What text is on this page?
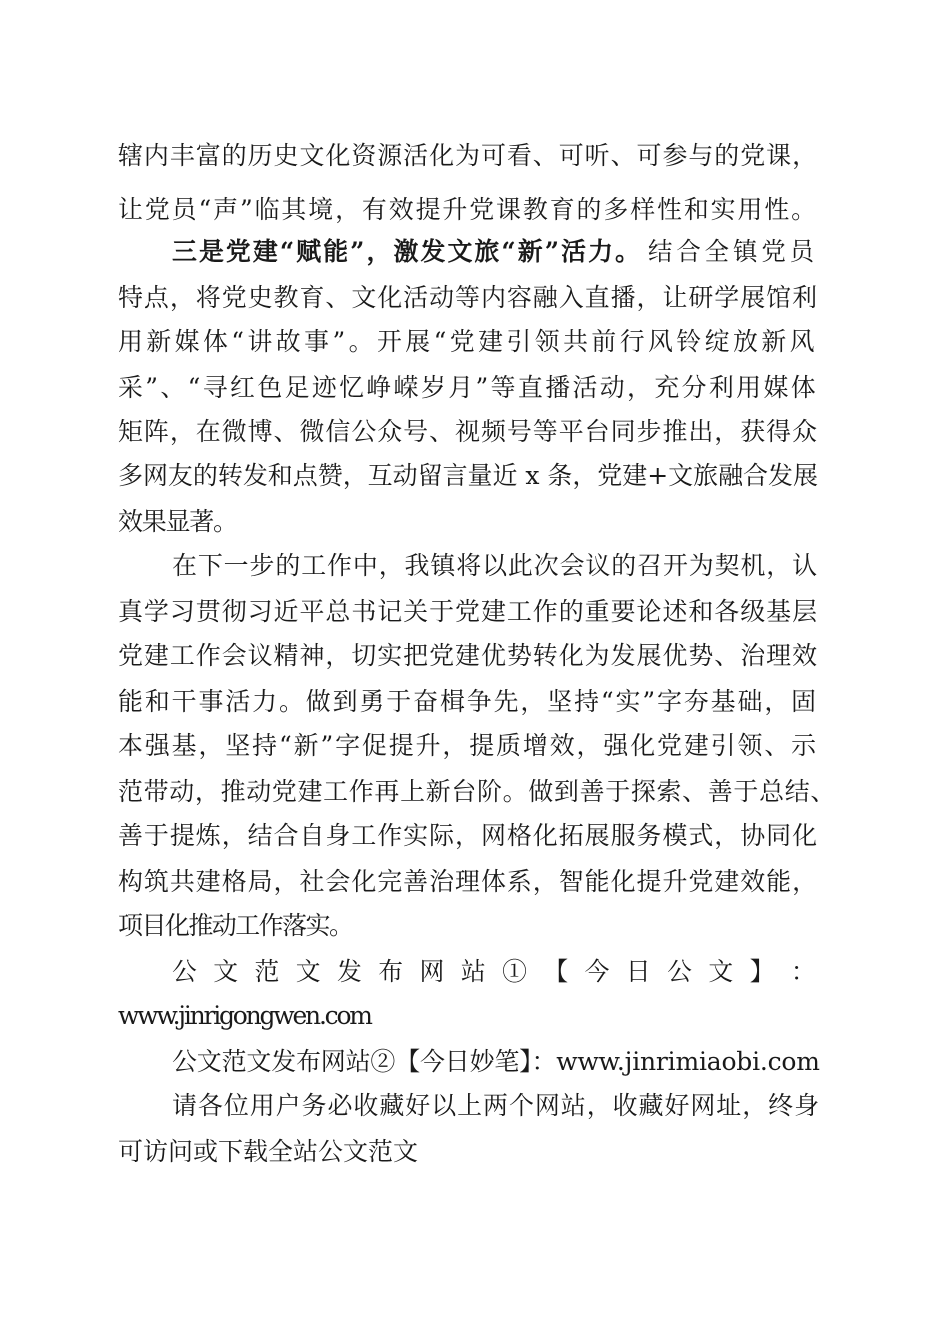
辖内丰富的历史文化资源活化为可看、可听、可参与的党课，
让党员“声”临其境，有效提升党课教育的多样性和实用性。
三是党建“赋能”，激发文旅“新”活力。 结合全镇党员
特点，将党史教育、文化活动等内容融入直播，让研学展馆利
用新媒体“讲故事”。开展“党建引领共前行风铃绽放新风
采”、“寻红色足迹忆峥嵘岁月”等直播活动，充分利用媒体
矩阵，在微博、微信公众号、视频号等平台同步推出，获得众
多网友的转发和点赞，互动留言量近 x 条，党建+文旅融合发展
效果显著。
在下一步的工作中，我镇将以此次会议的召开为契机，认
真学习贯彻习近平总书记关于党建工作的重要论述和各级基层
党建工作会议精神，切实把党建优势转化为发展优势、治理效
能和干事活力。做到勇于奋楫争先，坚持“实”字夯基础，固
本强基，坚持“新”字促提升，提质增效，强化党建引领、示
范带动，推动党建工作再上新台阶。做到善于探索、善于总结、
善于提炼，结合自身工作实际，网格化拓展服务模式，协同化
构筑共建格局，社会化完善治理体系，智能化提升党建效能，
项目化推动工作落实。
公 文 范 文 发 布 网 站 ① 【 今 日 公 文 】 ：
www.jinrigongwen.com
公文范文发布网站②【今日妙笔】：www.jinrimiaobi.com
请各位用户务必收藏好以上两个网站，收藏好网址，终身
可访问或下载全站公文范文
